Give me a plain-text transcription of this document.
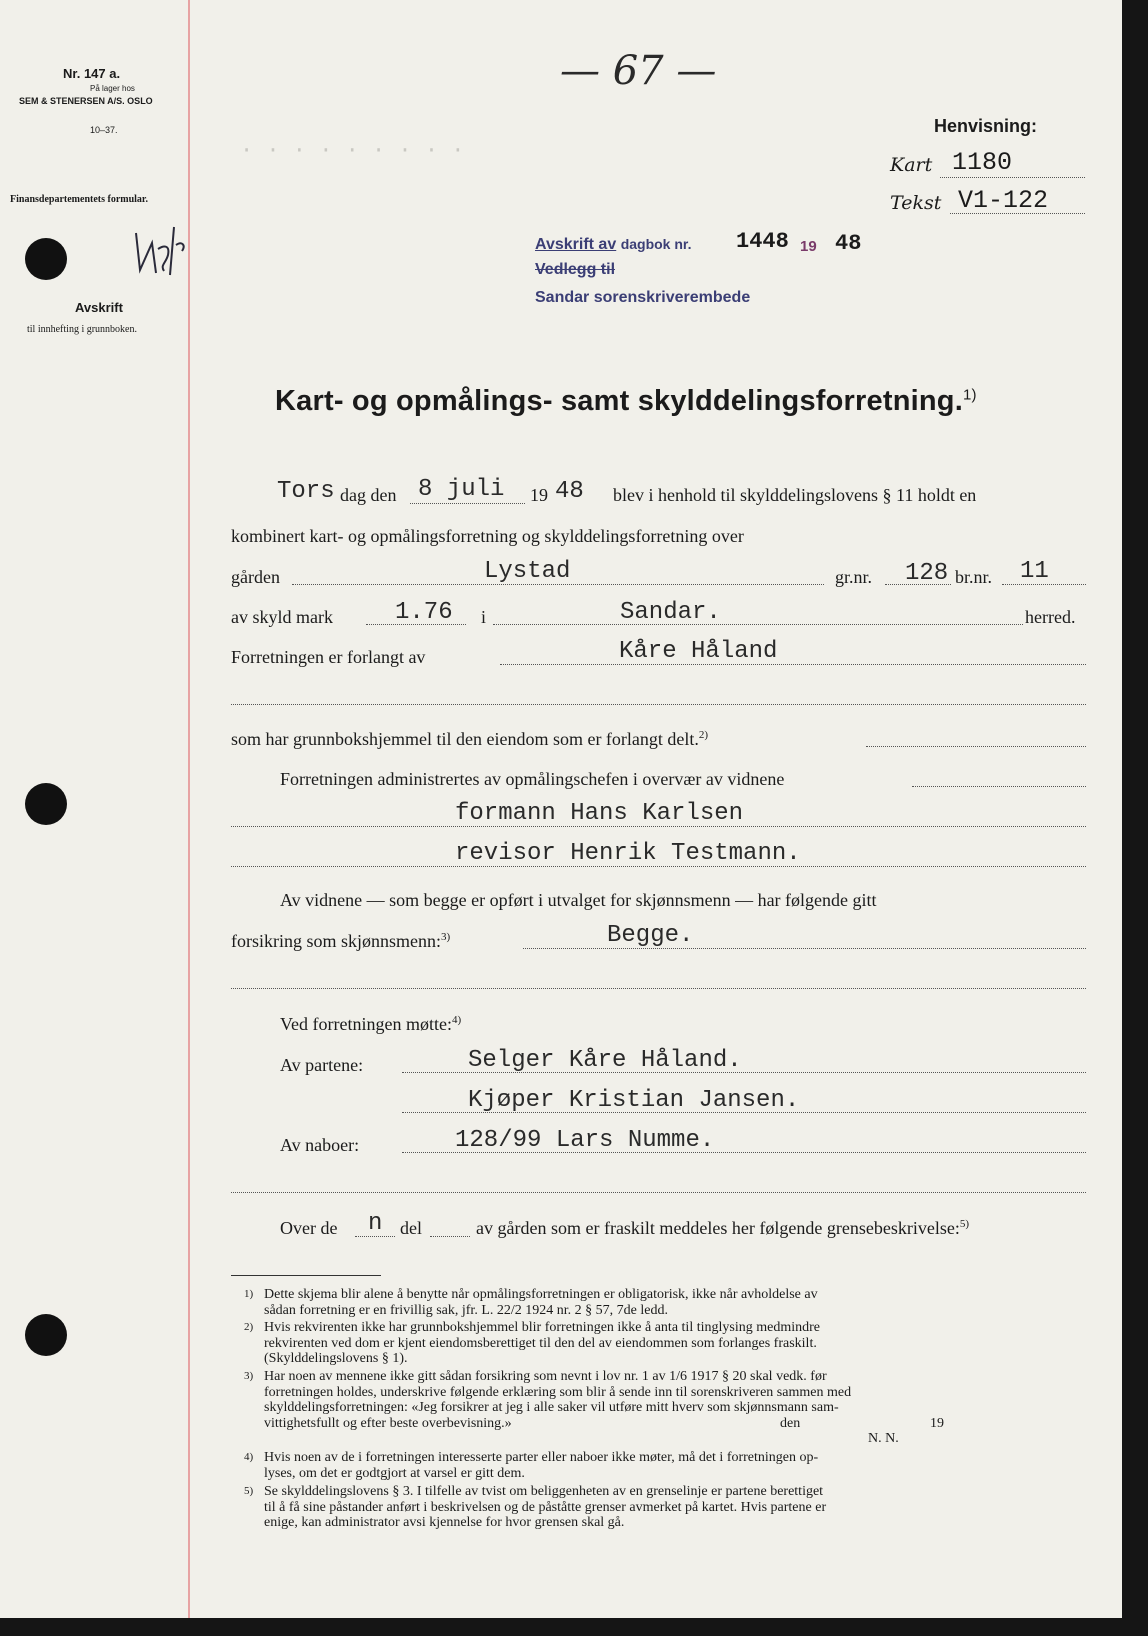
· · · · · · · · ·
Nr. 147 a.
På lager hos
SEM & STENERSEN A/S. OSLO
10–37.
Finansdepartementets formular.
Avskrift
til innhefting i grunnboken.
— 67 —
Henvisning:
Kart 1180
Tekst V1-122
Avskrift av dagbok nr. 1448 19 48
Vedlegg til
Sandar sorenskriverembede
Kart- og opmålings- samt skylddelingsforretning.$^{1)}$
Tors dag den 8 juli 19 48 blev i henhold til skylddelingslovens § 11 holdt en
kombinert kart- og opmålingsforretning og skylddelingsforretning over
gården	Lystad	gr.nr. 128 br.nr. 11
av skyld mark	1.76 i	Sandar.	herred.
Forretningen er forlangt av	Kåre Håland
som har grunnbokshjemmel til den eiendom som er forlangt delt.$^{2)}$
Forretningen administrertes av opmålingschefen i overvær av vidnene
formann Hans Karlsen
revisor Henrik Testmann.
Av vidnene — som begge er opført i utvalget for skjønnsmenn — har følgende gitt
forsikring som skjønnsmenn:$^{3)}$	Begge.
Ved forretningen møtte:$^{4)}$
Av partene:	Selger Kåre Håland.
Kjøper Kristian Jansen.
Av naboer:	128/99 Lars Numme.
Over de n del	av gården som er fraskilt meddeles her følgende grensebeskrivelse:$^{5)}$
1) Dette skjema blir alene å benytte når opmålingsforretningen er obligatorisk, ikke når avholdelse av
sådan forretning er en frivillig sak, jfr. L. 22/2 1924 nr. 2 § 57, 7de ledd.
2) Hvis rekvirenten ikke har grunnbokshjemmel blir forretningen ikke å anta til tinglysing medmindre
rekvirenten ved dom er kjent eiendomsberettiget til den del av eiendommen som forlanges fraskilt.
(Skylddelingslovens § 1).
3) Har noen av mennene ikke gitt sådan forsikring som nevnt i lov nr. 1 av 1/6 1917 § 20 skal vedk. før
forretningen holdes, underskrive følgende erklæring som blir å sende inn til sorenskriveren sammen med
skylddelingsforretningen: «Jeg forsikrer at jeg i alle saker vil utføre mitt hverv som skjønnsmann sam-
vittighetsfullt og efter beste overbevisning.»	den	19
N. N.
4) Hvis noen av de i forretningen interesserte parter eller naboer ikke møter, må det i forretningen op-
lyses, om det er godtgjort at varsel er gitt dem.
5) Se skylddelingslovens § 3. I tilfelle av tvist om beliggenheten av en grenselinje er partene berettiget
til å få sine påstander anført i beskrivelsen og de påståtte grenser avmerket på kartet. Hvis partene er
enige, kan administrator avsi kjennelse for hvor grensen skal gå.
